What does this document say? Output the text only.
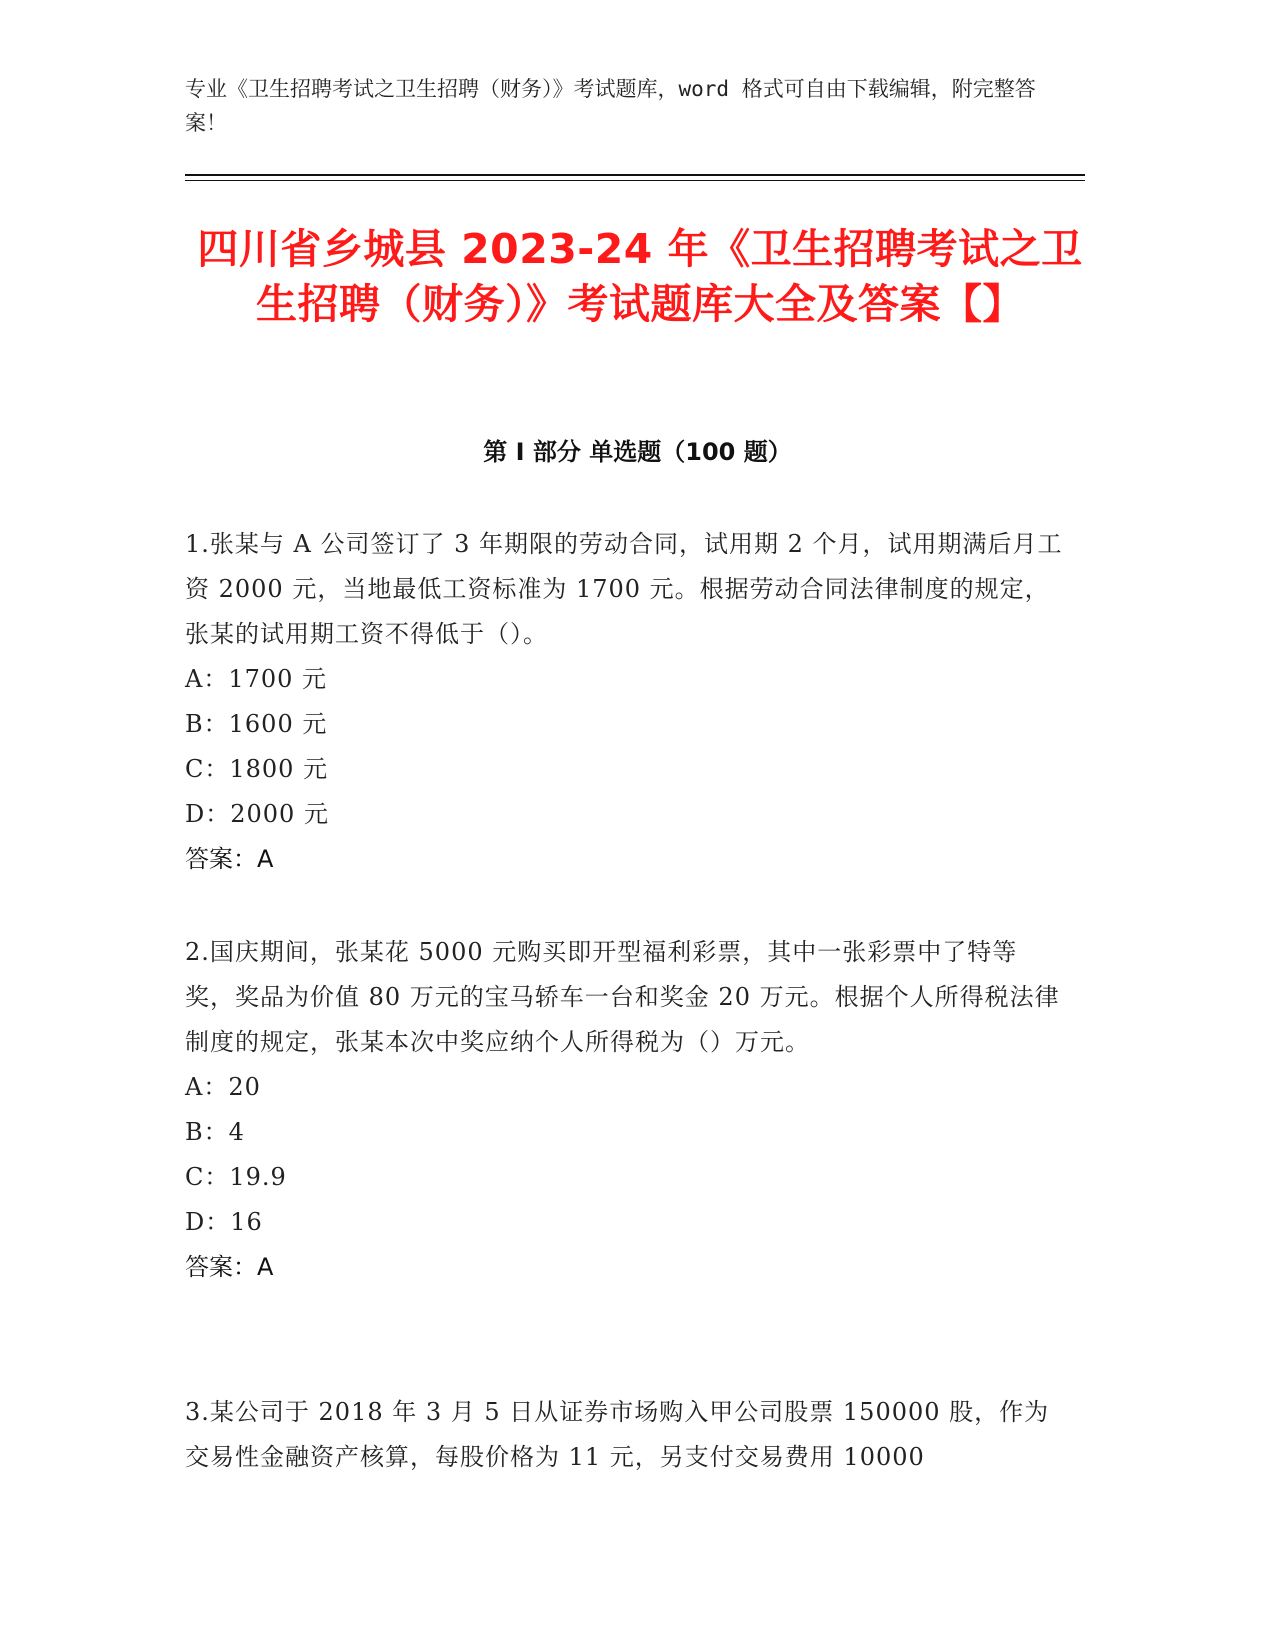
专业《卫生招聘考试之卫生招聘（财务）》考试题库，word 格式可自由下载编辑，附完整答案！
四川省乡城县 2023-24 年《卫生招聘考试之卫生招聘（财务）》考试题库大全及答案【】
第 I 部分 单选题（100 题）
1.张某与 A 公司签订了 3 年期限的劳动合同，试用期 2 个月，试用期满后月工资 2000 元，当地最低工资标准为 1700 元。根据劳动合同法律制度的规定，张某的试用期工资不得低于（）。
A：1700 元
B：1600 元
C：1800 元
D：2000 元
答案：A
2.国庆期间，张某花 5000 元购买即开型福利彩票，其中一张彩票中了特等奖，奖品为价值 80 万元的宝马轿车一台和奖金 20 万元。根据个人所得税法律制度的规定，张某本次中奖应纳个人所得税为（）万元。
A：20
B：4
C：19.9
D：16
答案：A
3.某公司于 2018 年 3 月 5 日从证券市场购入甲公司股票 150000 股，作为交易性金融资产核算，每股价格为 11 元，另支付交易费用 10000
